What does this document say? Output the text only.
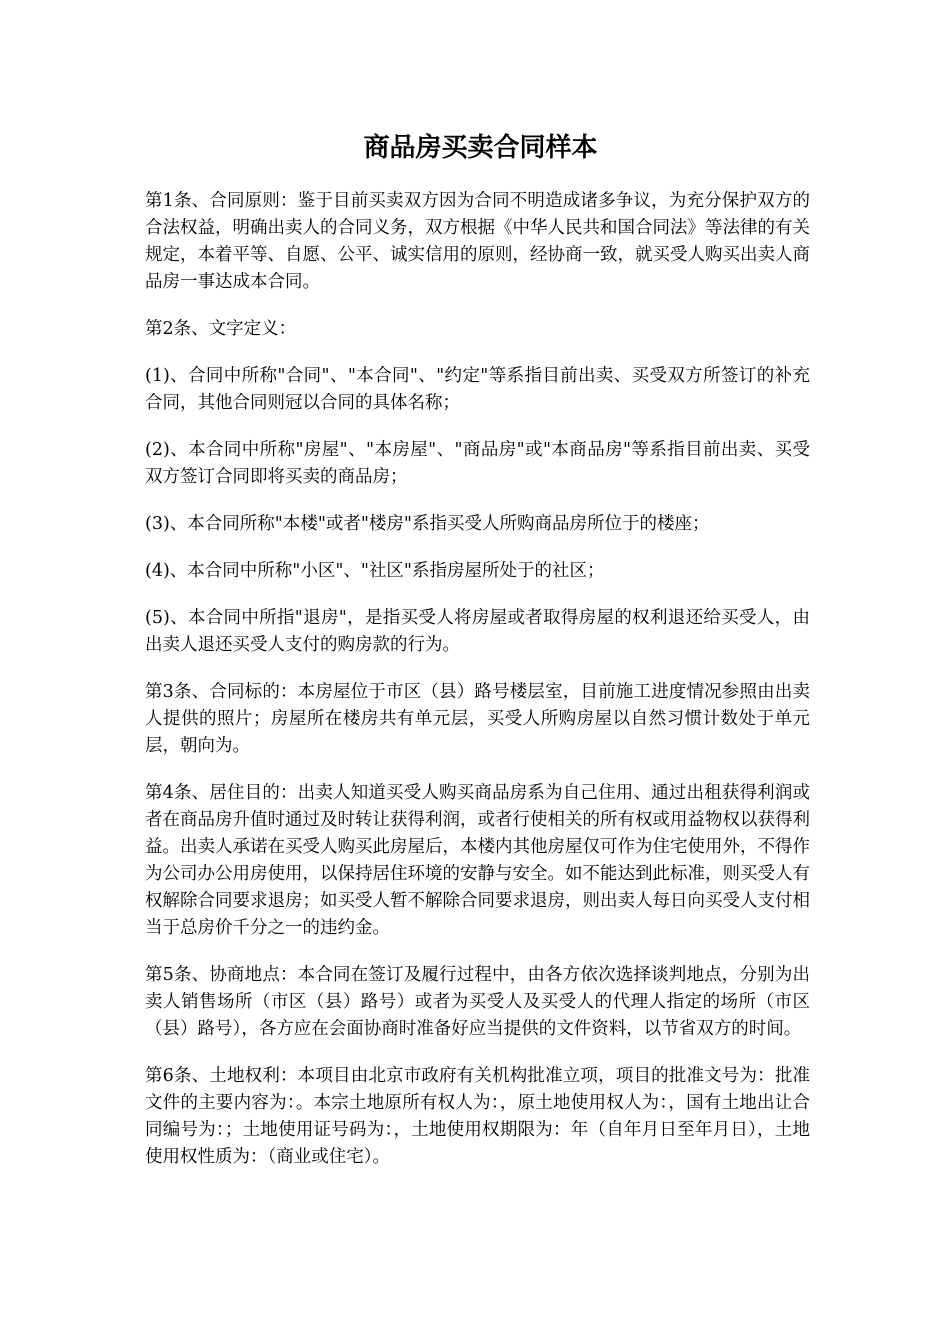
商品房买卖合同样本

第1条、合同原则：鉴于目前买卖双方因为合同不明造成诸多争议，为充分保护双方的合法权益，明确出卖人的合同义务，双方根据《中华人民共和国合同法》等法律的有关规定，本着平等、自愿、公平、诚实信用的原则，经协商一致，就买受人购买出卖人商品房一事达成本合同。

第2条、文字定义：

(1)、合同中所称"合同"、"本合同"、"约定"等系指目前出卖、买受双方所签订的补充合同，其他合同则冠以合同的具体名称；

(2)、本合同中所称"房屋"、"本房屋"、"商品房"或"本商品房"等系指目前出卖、买受双方签订合同即将买卖的商品房；

(3)、本合同所称"本楼"或者"楼房"系指买受人所购商品房所位于的楼座；

(4)、本合同中所称"小区"、"社区"系指房屋所处于的社区；

(5)、本合同中所指"退房"，是指买受人将房屋或者取得房屋的权利退还给买受人，由出卖人退还买受人支付的购房款的行为。

第3条、合同标的：本房屋位于市区（县）路号楼层室，目前施工进度情况参照由出卖人提供的照片；房屋所在楼房共有单元层，买受人所购房屋以自然习惯计数处于单元层，朝向为。

第4条、居住目的：出卖人知道买受人购买商品房系为自己住用、通过出租获得利润或者在商品房升值时通过及时转让获得利润，或者行使相关的所有权或用益物权以获得利益。出卖人承诺在买受人购买此房屋后，本楼内其他房屋仅可作为住宅使用外，不得作为公司办公用房使用，以保持居住环境的安静与安全。如不能达到此标准，则买受人有权解除合同要求退房；如买受人暂不解除合同要求退房，则出卖人每日向买受人支付相当于总房价千分之一的违约金。

第5条、协商地点：本合同在签订及履行过程中，由各方依次选择谈判地点，分别为出卖人销售场所（市区（县）路号）或者为买受人及买受人的代理人指定的场所（市区（县）路号），各方应在会面协商时准备好应当提供的文件资料，以节省双方的时间。

第6条、土地权利：本项目由北京市政府有关机构批准立项，项目的批准文号为：批准文件的主要内容为：。本宗土地原所有权人为：，原土地使用权人为：，国有土地出让合同编号为：；土地使用证号码为：，土地使用权期限为：年（自年月日至年月日），土地使用权性质为：（商业或住宅）。
